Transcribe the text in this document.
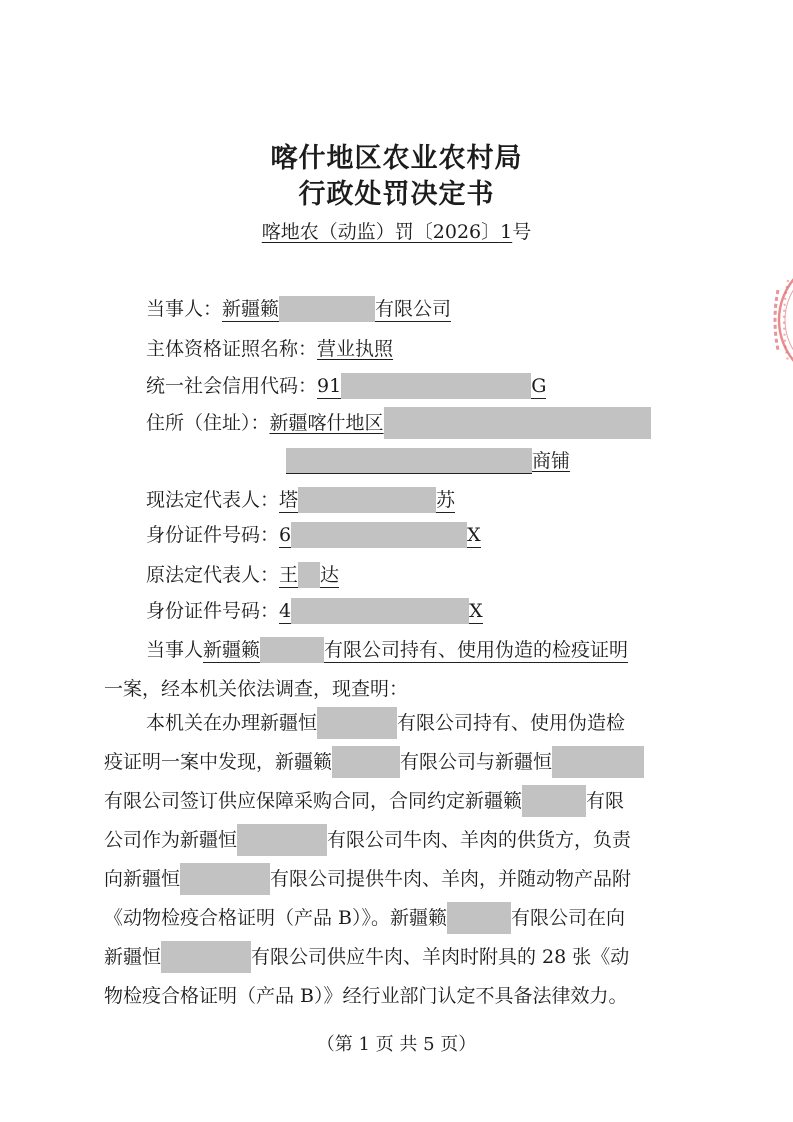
喀什地区农业农村局
行政处罚决定书
喀地农（动监）罚〔2026〕1号
当事人：新疆籁	有限公司
主体资格证照名称：营业执照
统一社会信用代码：91	G
住所（住址）：新疆喀什地区
商铺
现法定代表人：塔	苏
身份证件号码：6	X
原法定代表人：王 达
身份证件号码：4	X
当事人新疆籁	有限公司持有、使用伪造的检疫证明
一案，经本机关依法调查，现查明：
本机关在办理新疆恒	有限公司持有、使用伪造检
疫证明一案中发现，新疆籁	有限公司与新疆恒
有限公司签订供应保障采购合同，合同约定新疆籁	有限
公司作为新疆恒	有限公司牛肉、羊肉的供货方，负责
向新疆恒	有限公司提供牛肉、羊肉，并随动物产品附
《动物检疫合格证明（产品 B）》。新疆籁	有限公司在向
新疆恒	有限公司供应牛肉、羊肉时附具的 28 张《动
物检疫合格证明（产品 B）》经行业部门认定不具备法律效力。
（第 1 页 共 5 页）
